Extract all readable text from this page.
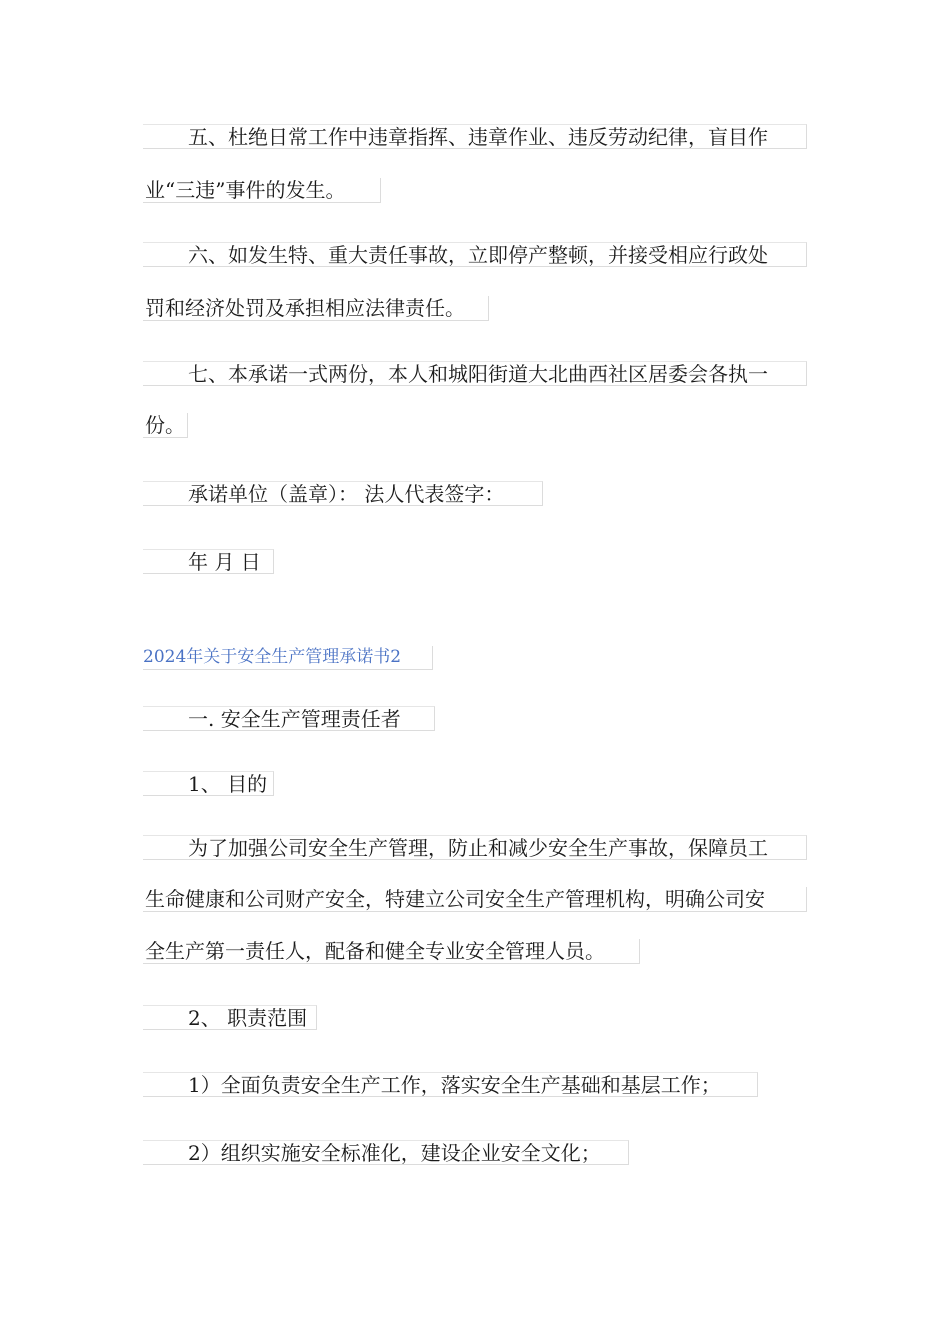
五、杜绝日常工作中违章指挥、违章作业、违反劳动纪律，盲目作
业“三违”事件的发生。
六、如发生特、重大责任事故，立即停产整顿，并接受相应行政处
罚和经济处罚及承担相应法律责任。
七、本承诺一式两份，本人和城阳街道大北曲西社区居委会各执一
份。
承诺单位（盖章）： 法人代表签字：
年 月 日
2024年关于安全生产管理承诺书2
一. 安全生产管理责任者
1、 目的
为了加强公司安全生产管理，防止和减少安全生产事故，保障员工
生命健康和公司财产安全，特建立公司安全生产管理机构，明确公司安
全生产第一责任人，配备和健全专业安全管理人员。
2、 职责范围
1）全面负责安全生产工作，落实安全生产基础和基层工作；
2）组织实施安全标准化，建设企业安全文化；
